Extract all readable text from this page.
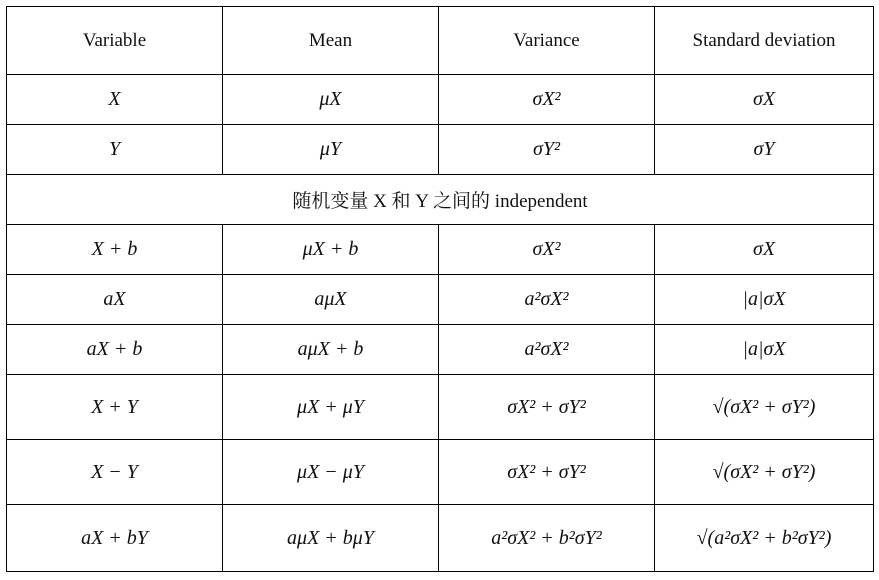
Variable	Mean	Variance	Standard deviation
X	μX	σX²	σX
Y	μY	σY²	σY
随机变量 X 和 Y 之间的 independent			
X + b	μX + b	σX²	σX
aX	aμX	a²σX²	|a|σX
aX + b	aμX + b	a²σX²	|a|σX
X + Y	μX + μY	σX² + σY²	√(σX² + σY²)
X − Y	μX − μY	σX² + σY²	√(σX² + σY²)
aX + bY	aμX + bμY	a²σX² + b²σY²	√(a²σX² + b²σY²)
